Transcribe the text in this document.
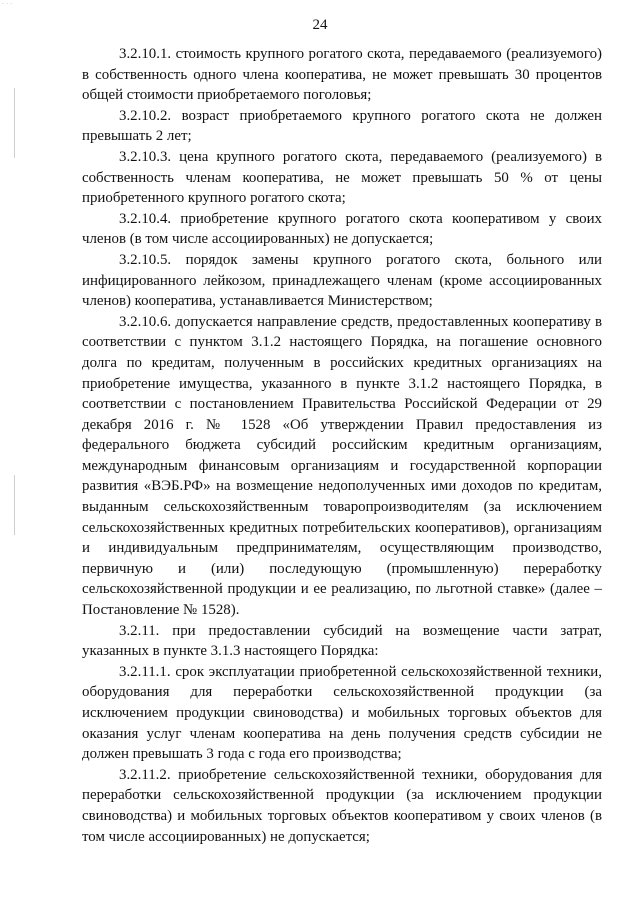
- - -
24

3.2.10.1. стоимость крупного рогатого скота, передаваемого (реализуемого) в собственность одного члена кооператива, не может превышать 30 процентов общей стоимости приобретаемого поголовья;

3.2.10.2. возраст приобретаемого крупного рогатого скота не должен превышать 2 лет;

3.2.10.3. цена крупного рогатого скота, передаваемого (реализуемого) в собственность членам кооператива, не может превышать 50 % от цены приобретенного крупного рогатого скота;

3.2.10.4. приобретение крупного рогатого скота кооперативом у своих членов (в том числе ассоциированных) не допускается;

3.2.10.5. порядок замены крупного рогатого скота, больного или инфицированного лейкозом, принадлежащего членам (кроме ассоциированных членов) кооператива, устанавливается Министерством;

3.2.10.6. допускается направление средств, предоставленных кооперативу в соответствии с пунктом 3.1.2 настоящего Порядка, на погашение основного долга по кредитам, полученным в российских кредитных организациях на приобретение имущества, указанного в пункте 3.1.2 настоящего Порядка, в соответствии с постановлением Правительства Российской Федерации от 29 декабря 2016 г. № 1528 «Об утверждении Правил предоставления из федерального бюджета субсидий российским кредитным организациям, международным финансовым организациям и государственной корпорации развития «ВЭБ.РФ» на возмещение недополученных ими доходов по кредитам, выданным сельскохозяйственным товаропроизводителям (за исключением сельскохозяйственных кредитных потребительских кооперативов), организациям и индивидуальным предпринимателям, осуществляющим производство, первичную и (или) последующую (промышленную) переработку сельскохозяйственной продукции и ее реализацию, по льготной ставке» (далее – Постановление № 1528).

3.2.11. при предоставлении субсидий на возмещение части затрат, указанных в пункте 3.1.3 настоящего Порядка:

3.2.11.1. срок эксплуатации приобретенной сельскохозяйственной техники, оборудования для переработки сельскохозяйственной продукции (за исключением продукции свиноводства) и мобильных торговых объектов для оказания услуг членам кооператива на день получения средств субсидии не должен превышать 3 года с года его производства;

3.2.11.2. приобретение сельскохозяйственной техники, оборудования для переработки сельскохозяйственной продукции (за исключением продукции свиноводства) и мобильных торговых объектов кооперативом у своих членов (в том числе ассоциированных) не допускается;
